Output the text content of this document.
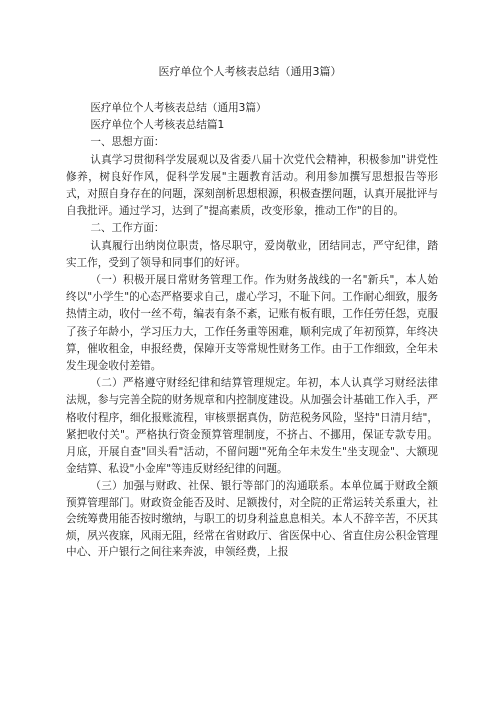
医疗单位个人考核表总结（通用3篇）

医疗单位个人考核表总结（通用3篇）

医疗单位个人考核表总结篇1

一、思想方面：

认真学习贯彻科学发展观以及省委八届十次党代会精神，积极参加"讲党性修养，树良好作风，促科学发展"主题教育活动。利用参加撰写思想报告等形式，对照自身存在的问题，深刻剖析思想根源，积极查摆问题，认真开展批评与自我批评。通过学习，达到了"提高素质，改变形象，推动工作"的目的。

二、工作方面：

认真履行出纳岗位职责，恪尽职守，爱岗敬业，团结同志，严守纪律，踏实工作，受到了领导和同事们的好评。

（一）积极开展日常财务管理工作。作为财务战线的一名"新兵"，本人始终以"小学生"的心态严格要求自己，虚心学习，不耻下问。工作耐心细致，服务热情主动，收付一丝不苟，编表有条不紊，记账有板有眼，工作任劳任怨，克服了孩子年龄小，学习压力大，工作任务重等困难，顺利完成了年初预算，年终决算，催收租金，申报经费，保障开支等常规性财务工作。由于工作细致，全年未发生现金收付差错。

（二）严格遵守财经纪律和结算管理规定。年初，本人认真学习财经法律法规，参与完善全院的财务规章和内控制度建设。从加强会计基础工作入手，严格收付程序，细化报账流程，审核票据真伪，防范税务风险，坚持"日清月结"，紧把收付关"。严格执行资金预算管理制度，不挤占、不挪用，保证专款专用。月底，开展自查"回头看"活动，不留问题'"死角全年未发生"坐支现金"、大额现金结算、私设"小金库"等违反财经纪律的问题。

（三）加强与财政、社保、银行等部门的沟通联系。本单位属于财政全额预算管理部门。财政资金能否及时、足额拨付，对全院的正常运转关系重大，社会统筹费用能否按时缴纳，与职工的切身利益息息相关。本人不辞辛苦，不厌其烦，夙兴夜寐，风雨无阻，经常在省财政厅、省医保中心、省直住房公积金管理中心、开户银行之间往来奔波，申领经费，上报
